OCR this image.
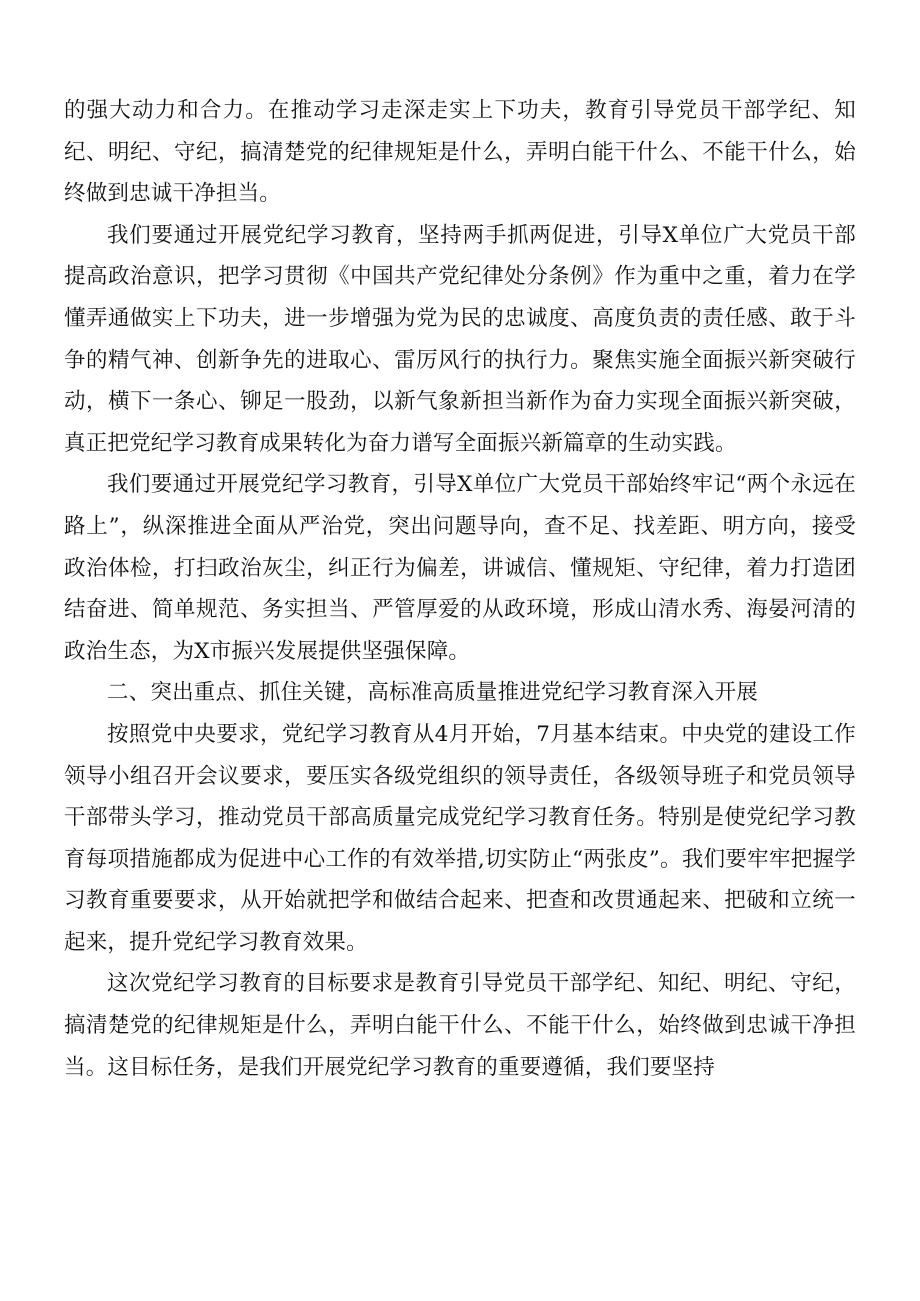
的强大动力和合力。在推动学习走深走实上下功夫，教育引导党员干部学纪、知纪、明纪、守纪，搞清楚党的纪律规矩是什么，弄明白能干什么、不能干什么，始终做到忠诚干净担当。

我们要通过开展党纪学习教育，坚持两手抓两促进，引导X单位广大党员干部提高政治意识，把学习贯彻《中国共产党纪律处分条例》作为重中之重，着力在学懂弄通做实上下功夫，进一步增强为党为民的忠诚度、高度负责的责任感、敢于斗争的精气神、创新争先的进取心、雷厉风行的执行力。聚焦实施全面振兴新突破行动，横下一条心、铆足一股劲，以新气象新担当新作为奋力实现全面振兴新突破，真正把党纪学习教育成果转化为奋力谱写全面振兴新篇章的生动实践。

我们要通过开展党纪学习教育，引导X单位广大党员干部始终牢记“两个永远在路上”，纵深推进全面从严治党，突出问题导向，查不足、找差距、明方向，接受政治体检，打扫政治灰尘，纠正行为偏差，讲诚信、懂规矩、守纪律，着力打造团结奋进、简单规范、务实担当、严管厚爱的从政环境，形成山清水秀、海晏河清的政治生态，为X市振兴发展提供坚强保障。

二、突出重点、抓住关键，高标准高质量推进党纪学习教育深入开展

按照党中央要求，党纪学习教育从4月开始，7月基本结束。中央党的建设工作领导小组召开会议要求，要压实各级党组织的领导责任，各级领导班子和党员领导干部带头学习，推动党员干部高质量完成党纪学习教育任务。特别是使党纪学习教育每项措施都成为促进中心工作的有效举措,切实防止“两张皮”。我们要牢牢把握学习教育重要要求，从开始就把学和做结合起来、把查和改贯通起来、把破和立统一起来，提升党纪学习教育效果。

这次党纪学习教育的目标要求是教育引导党员干部学纪、知纪、明纪、守纪，搞清楚党的纪律规矩是什么，弄明白能干什么、不能干什么，始终做到忠诚干净担当。这目标任务，是我们开展党纪学习教育的重要遵循，我们要坚持
